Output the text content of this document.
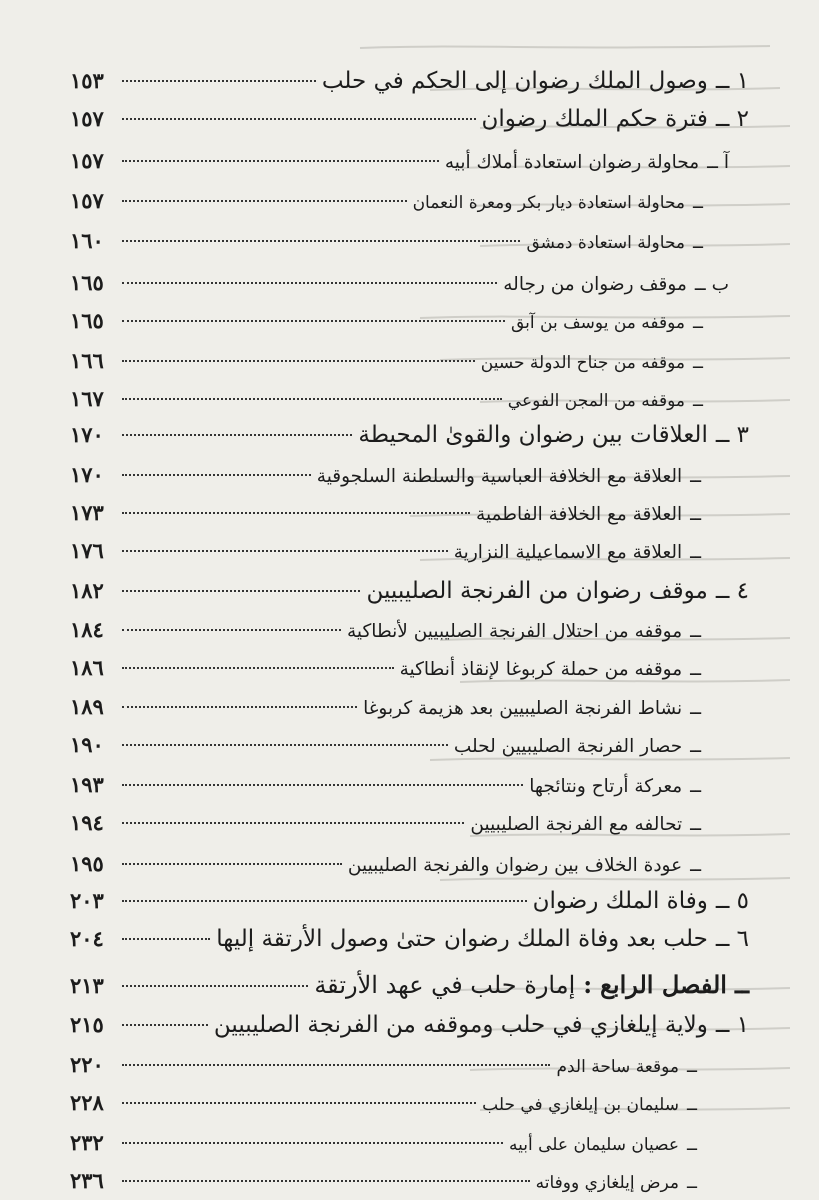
١ ــ
وصول الملك رضوان إلى الحكم في حلب
١٥٣
٢ ــ
فترة حكم الملك رضوان
١٥٧
آ ــ
محاولة رضوان استعادة أملاك أبيه
١٥٧
ــ
محاولة استعادة ديار بكر ومعرة النعمان
١٥٧
ــ
محاولة استعادة دمشق
١٦٠
ب ــ
موقف رضوان من رجاله
١٦٥
ــ
موقفه من يوسف بن آبق
١٦٥
ــ
موقفه من جناح الدولة حسين
١٦٦
ــ
موقفه من المجن الفوعي
١٦٧
٣ ــ
العلاقات بين رضوان والقوىٰ المحيطة
١٧٠
ــ
العلاقة مع الخلافة العباسية والسلطنة السلجوقية
١٧٠
ــ
العلاقة مع الخلافة الفاطمية
١٧٣
ــ
العلاقة مع الاسماعيلية النزارية
١٧٦
٤ ــ
موقف رضوان من الفرنجة الصليبيين
١٨٢
ــ
موقفه من احتلال الفرنجة الصليبيين لأنطاكية
١٨٤
ــ
موقفه من حملة كربوغا لإنقاذ أنطاكية
١٨٦
ــ
نشاط الفرنجة الصليبيين بعد هزيمة كربوغا
١٨٩
ــ
حصار الفرنجة الصليبيين لحلب
١٩٠
ــ
معركة أرتاح ونتائجها
١٩٣
ــ
تحالفه مع الفرنجة الصليبيين
١٩٤
ــ
عودة الخلاف بين رضوان والفرنجة الصليبيين
١٩٥
٥ ــ
وفاة الملك رضوان
٢٠٣
٦ ــ
حلب بعد وفاة الملك رضوان حتىٰ وصول الأرتقة إليها
٢٠٤
ــ
الفصل الرابع
:
إمارة حلب في عهد الأرتقة
٢١٣
١ ــ
ولاية إيلغازي في حلب وموقفه من الفرنجة الصليبيين
٢١٥
ــ
موقعة ساحة الدم
٢٢٠
ــ
سليمان بن إيلغازي في حلب
٢٢٨
ــ
عصيان سليمان على أبيه
٢٣٢
ــ
مرض إيلغازي ووفاته
٢٣٦
